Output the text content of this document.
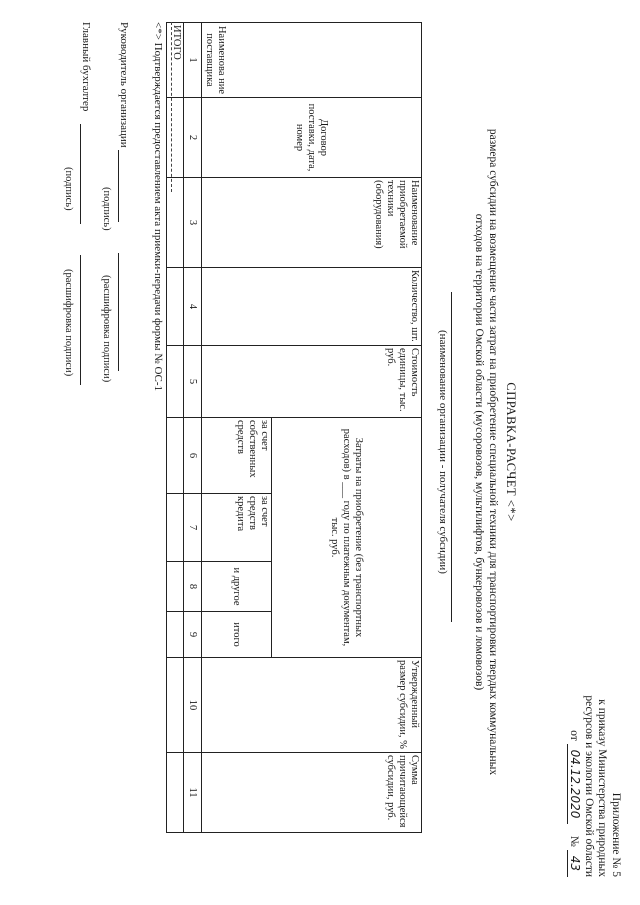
Приложение № 5
к приказу Министерства природных
ресурсов и экологии Омской области
от 04.12.2020    № 43
СПРАВКА-РАСЧЕТ <*>
размера субсидии на возмещение части затрат на приобретение специальной техники для транспортировки твердых коммунальных
отходов на территории Омской области (мусоровозов, мультилифтов, бункеровозов и ломовозов)
(наименование организации - получателя субсидии)
Наименова ние поставщика	Договор поставки, дата, номер	Наименование приобретаемой техники (оборудования)	Количество, шт.	Стоимость единицы, тыс. руб.	Затраты на приобретение (без транспортных расходов) в ___ году по платежным документам, тыс. руб.				Утвержденный размер субсидии, %	Сумма причитающейся субсидии, руб.
					за счет собственных средств	за счет средств кредита	и другое	итого		
1	2	3	4	5	6	7	8	9	10	11
ИТОГО										
<*> Подтверждается предоставлением акта приемки-передачи формы № ОС-1
Руководитель организации
(подпись)
(расшифровка подписи)
Главный бухгалтер
(подпись)
(расшифровка подписи)
